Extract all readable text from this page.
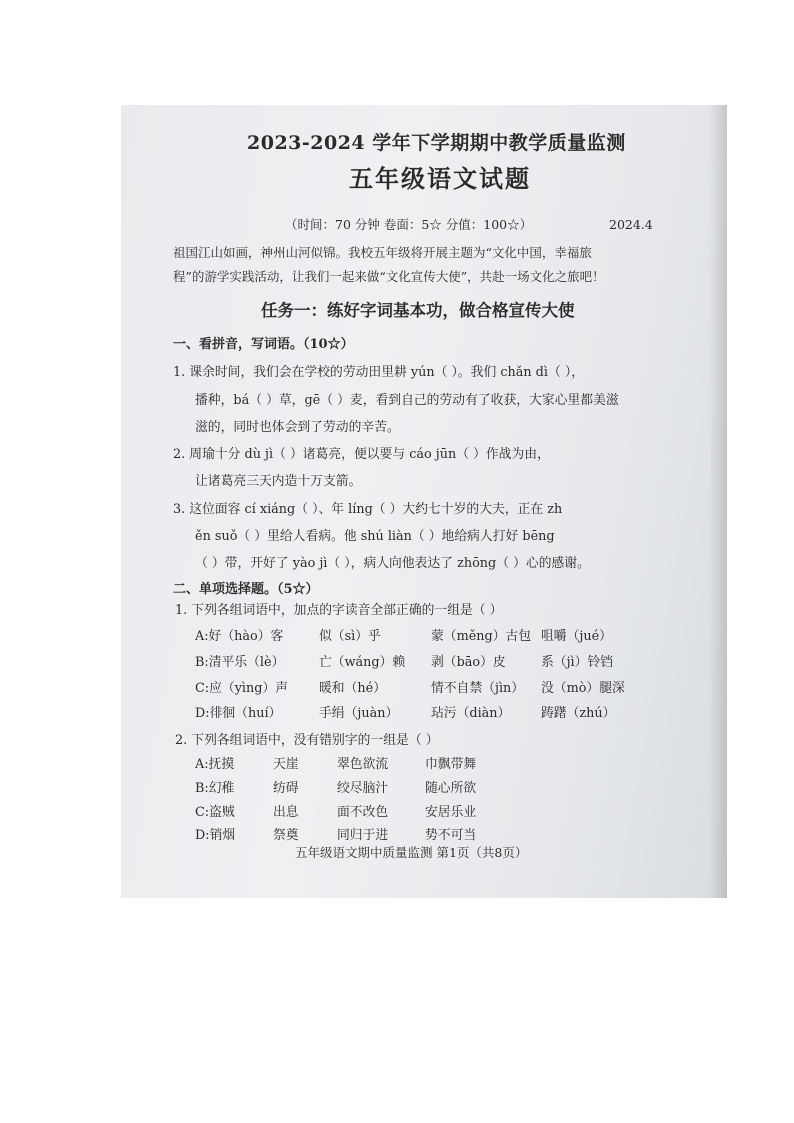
2023-2024 学年下学期期中教学质量监测
五年级语文试题
（时间：70 分钟 卷面：5☆ 分值：100☆）	2024.4
祖国江山如画，神州山河似锦。我校五年级将开展主题为“文化中国，幸福旅
程”的游学实践活动，让我们一起来做“文化宣传大使”，共赴一场文化之旅吧！
任务一：练好字词基本功，做合格宣传大使
一、看拼音，写词语。（10☆）
1. 课余时间，我们会在学校的劳动田里耕 yún（ ）。我们 chǎn dì（ ），
播种，bá（ ）草，gē（ ）麦，看到自己的劳动有了收获，大家心里都美滋
滋的，同时也体会到了劳动的辛苦。
2. 周瑜十分 dù jì（ ）诸葛亮，便以要与 cáo jūn（ ）作战为由，
让诸葛亮三天内造十万支箭。
3. 这位面容 cí xiáng（ ）、年 líng（ ）大约七十岁的大夫，正在 zh
ěn suǒ（ ）里给人看病。他 shú liàn（ ）地给病人打好 bēng
（ ）带，开好了 yào jì（ ），病人向他表达了 zhōng（ ）心的感谢。
二、单项选择题。（5☆）
1. 下列各组词语中，加点的字读音全部正确的一组是（ ）
A:好（hào）客	似（sì）乎	蒙（měng）古包 咀嚼（jué）
B:清平乐（lè）	亡（wáng）赖 剥（bāo）皮	系（jì）铃铛
C:应（yìng）声 暖和（hé）	情不自禁（jìn） 没（mò）腿深
D:徘徊（huí）	手绢（juàn）	玷污（diàn） 踌躇（zhú）
2. 下列各组词语中，没有错别字的一组是（ ）
A:抚摸	天崖	翠色欲流	巾飘带舞
B:幻稚	纺碍	绞尽脑汁	随心所欲
C:盗贼	出息	面不改色	安居乐业
D:销烟	祭奠	同归于进	势不可当
五年级语文期中质量监测 第1页（共8页）
